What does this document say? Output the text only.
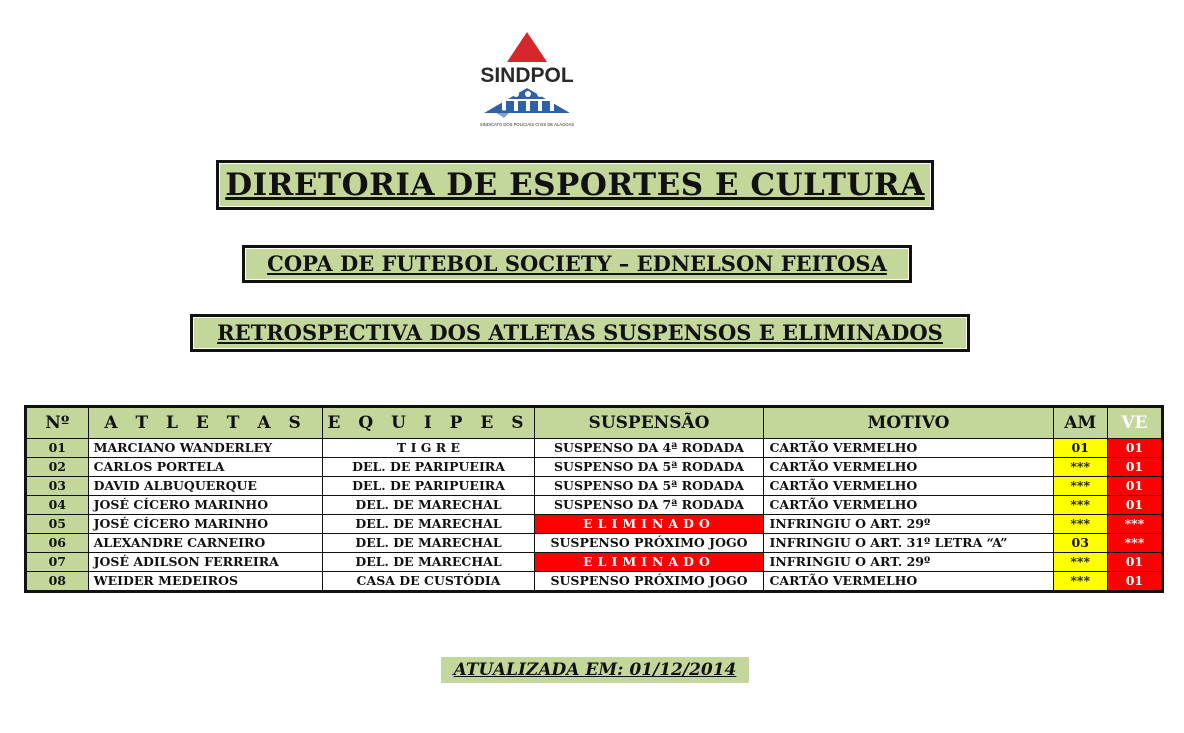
SINDPOL
SINDICATO DOS POLICIAIS CIVIS DE ALAGOAS
DIRETORIA DE ESPORTES E CULTURA
COPA DE FUTEBOL SOCIETY – EDNELSON FEITOSA
RETROSPECTIVA DOS ATLETAS SUSPENSOS E ELIMINADOS
Nº	A T L E T A S	E Q U I P E S	SUSPENSÃO	MOTIVO	AM	VE
01	MARCIANO WANDERLEY	T I G R E	SUSPENSO DA 4ª RODADA	CARTÃO VERMELHO	01	01
02	CARLOS PORTELA	DEL. DE PARIPUEIRA	SUSPENSO DA 5ª RODADA	CARTÃO VERMELHO	***	01
03	DAVID ALBUQUERQUE	DEL. DE PARIPUEIRA	SUSPENSO DA 5ª RODADA	CARTÃO VERMELHO	***	01
04	JOSÉ CÍCERO MARINHO	DEL. DE MARECHAL	SUSPENSO DA 7ª RODADA	CARTÃO VERMELHO	***	01
05	JOSÉ CÍCERO MARINHO	DEL. DE MARECHAL	ELIMINADO	INFRINGIU O ART. 29º	***	***
06	ALEXANDRE CARNEIRO	DEL. DE MARECHAL	SUSPENSO PRÓXIMO JOGO	INFRINGIU O ART. 31º LETRA “A”	03	***
07	JOSÉ ADILSON FERREIRA	DEL. DE MARECHAL	ELIMINADO	INFRINGIU O ART. 29º	***	01
08	WEIDER MEDEIROS	CASA DE CUSTÓDIA	SUSPENSO PRÓXIMO JOGO	CARTÃO VERMELHO	***	01
ATUALIZADA EM: 01/12/2014
